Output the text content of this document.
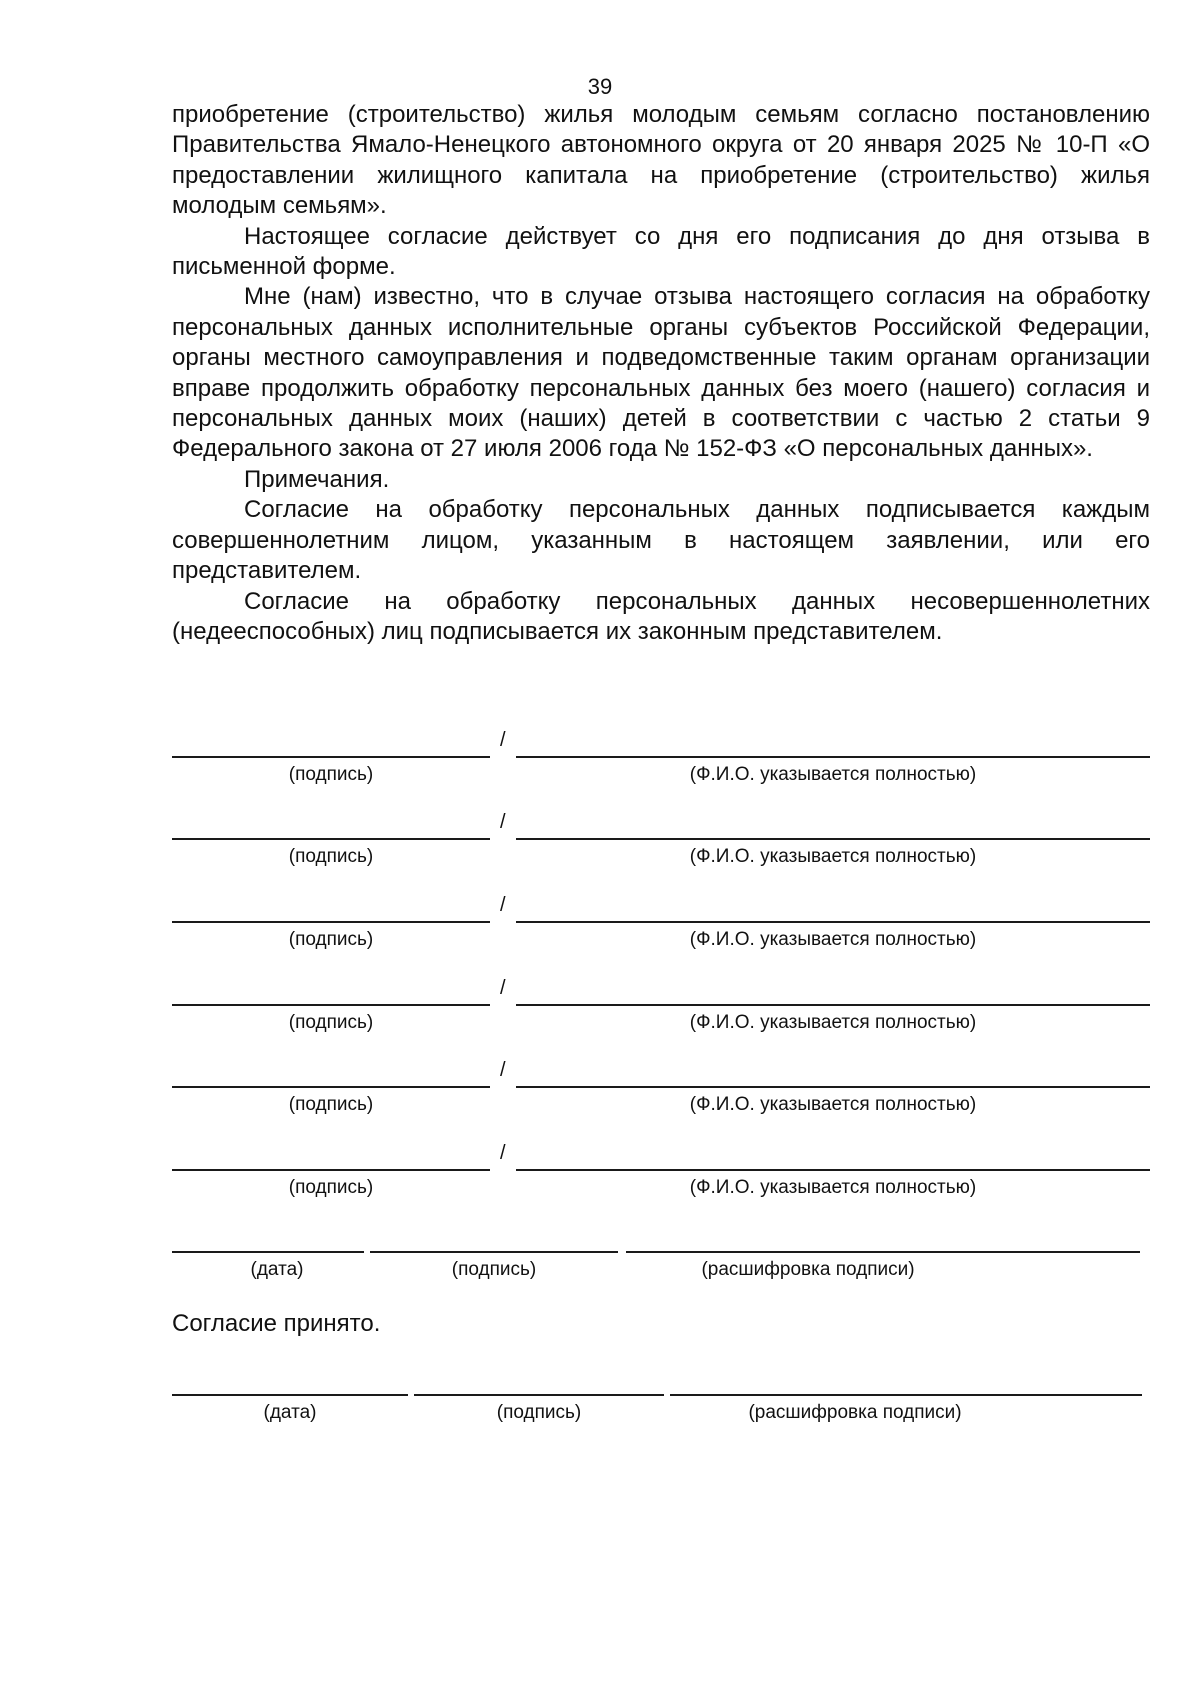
39

приобретение (строительство) жилья молодым семьям согласно постановлению Правительства Ямало-Ненецкого автономного округа от 20 января 2025 № 10-П «О предоставлении жилищного капитала на приобретение (строительство) жилья молодым семьям».

Настоящее согласие действует со дня его подписания до дня отзыва в письменной форме.

Мне (нам) известно, что в случае отзыва настоящего согласия на обработку персональных данных исполнительные органы субъектов Российской Федерации, органы местного самоуправления и подведомственные таким органам организации вправе продолжить обработку персональных данных без моего (нашего) согласия и персональных данных моих (наших) детей в соответствии с частью 2 статьи 9 Федерального закона от 27 июля 2006 года № 152-ФЗ «О персональных данных».

Примечания.

Согласие на обработку персональных данных подписывается каждым совершеннолетним лицом, указанным в настоящем заявлении, или его представителем.

Согласие на обработку персональных данных несовершеннолетних (недееспособных) лиц подписывается их законным представителем.

/
(подпись)	(Ф.И.О. указывается полностью)
/
(подпись)	(Ф.И.О. указывается полностью)
/
(подпись)	(Ф.И.О. указывается полностью)
/
(подпись)	(Ф.И.О. указывается полностью)
/
(подпись)	(Ф.И.О. указывается полностью)
/
(подпись)	(Ф.И.О. указывается полностью)
(дата)	(подпись)	(расшифровка подписи)
Согласие принято.
(дата)	(подпись)	(расшифровка подписи)
